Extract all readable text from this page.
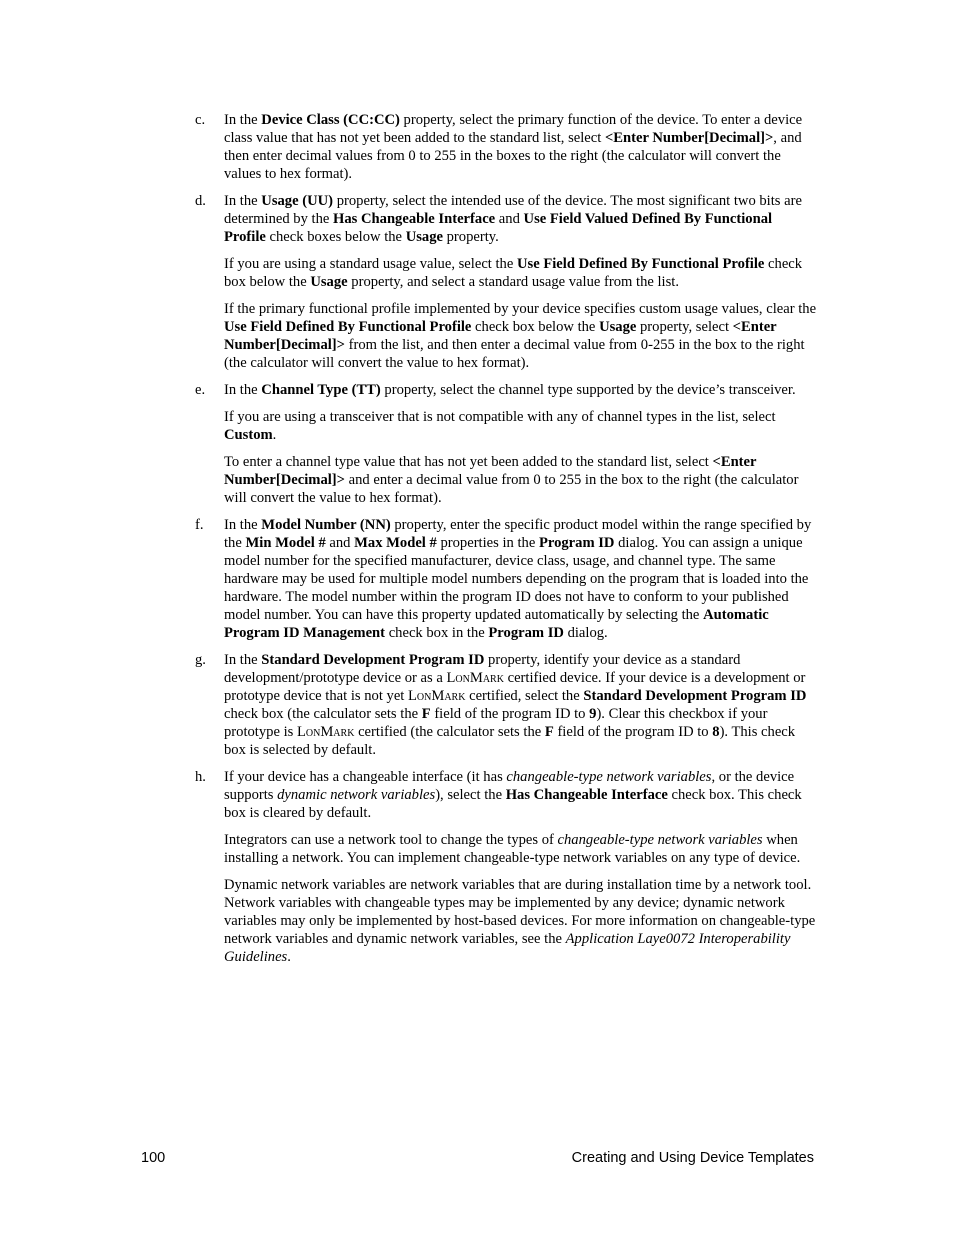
c. In the Device Class (CC:CC) property, select the primary function of the device. To enter a device class value that has not yet been added to the standard list, select <Enter Number[Decimal]>, and then enter decimal values from 0 to 255 in the boxes to the right (the calculator will convert the values to hex format).

d. In the Usage (UU) property, select the intended use of the device. The most significant two bits are determined by the Has Changeable Interface and Use Field Valued Defined By Functional Profile check boxes below the Usage property.

If you are using a standard usage value, select the Use Field Defined By Functional Profile check box below the Usage property, and select a standard usage value from the list.

If the primary functional profile implemented by your device specifies custom usage values, clear the Use Field Defined By Functional Profile check box below the Usage property, select <Enter Number[Decimal]> from the list, and then enter a decimal value from 0-255 in the box to the right (the calculator will convert the value to hex format).

e. In the Channel Type (TT) property, select the channel type supported by the device’s transceiver.

If you are using a transceiver that is not compatible with any of channel types in the list, select Custom.

To enter a channel type value that has not yet been added to the standard list, select <Enter Number[Decimal]> and enter a decimal value from 0 to 255 in the box to the right (the calculator will convert the value to hex format).

f. In the Model Number (NN) property, enter the specific product model within the range specified by the Min Model # and Max Model # properties in the Program ID dialog. You can assign a unique model number for the specified manufacturer, device class, usage, and channel type. The same hardware may be used for multiple model numbers depending on the program that is loaded into the hardware. The model number within the program ID does not have to conform to your published model number. You can have this property updated automatically by selecting the Automatic Program ID Management check box in the Program ID dialog.

g. In the Standard Development Program ID property, identify your device as a standard development/prototype device or as a LonMark certified device. If your device is a development or prototype device that is not yet LonMark certified, select the Standard Development Program ID check box (the calculator sets the F field of the program ID to 9). Clear this checkbox if your prototype is LonMark certified (the calculator sets the F field of the program ID to 8). This check box is selected by default.

h. If your device has a changeable interface (it has changeable-type network variables, or the device supports dynamic network variables), select the Has Changeable Interface check box. This check box is cleared by default.

Integrators can use a network tool to change the types of changeable-type network variables when installing a network. You can implement changeable-type network variables on any type of device.

Dynamic network variables are network variables that are during installation time by a network tool. Network variables with changeable types may be implemented by any device; dynamic network variables may only be implemented by host-based devices. For more information on changeable-type network variables and dynamic network variables, see the Application Laye0072 Interoperability Guidelines.

100	Creating and Using Device Templates
